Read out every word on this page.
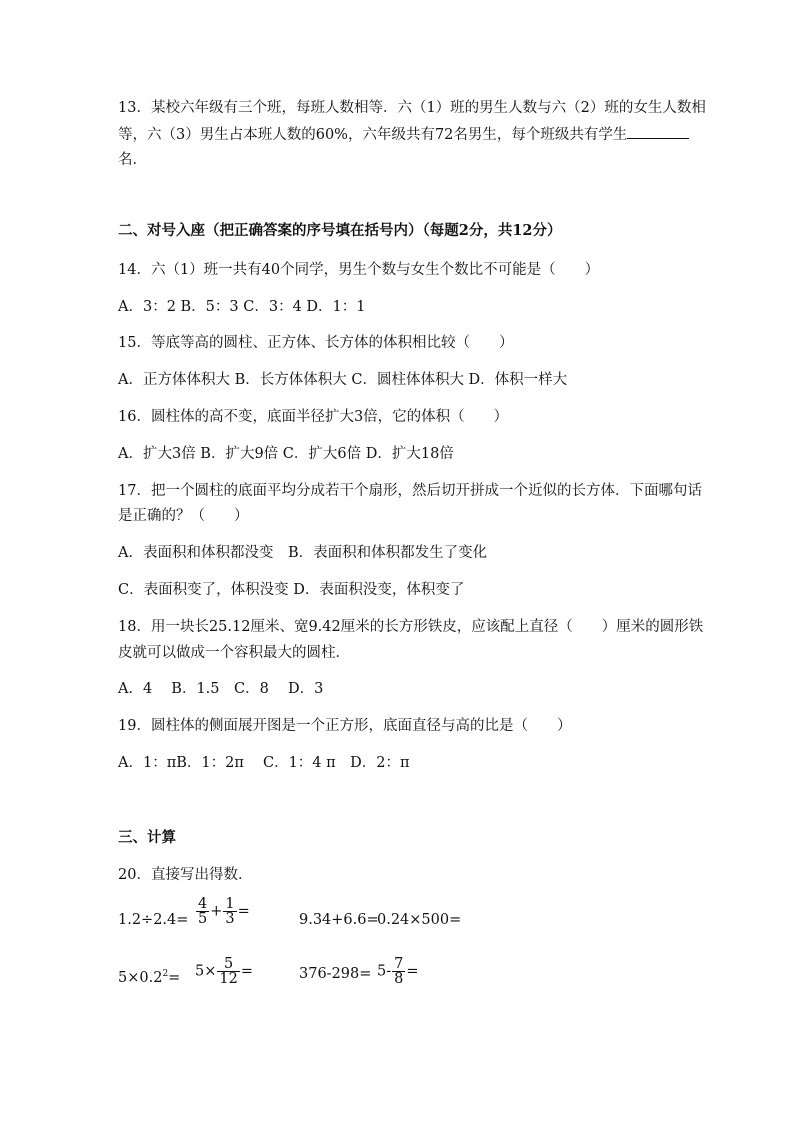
13．某校六年级有三个班，每班人数相等．六（1）班的男生人数与六（2）班的女生人数相
等，六（3）男生占本班人数的60%，六年级共有72名男生，每个班级共有学生
名．
二、对号入座（把正确答案的序号填在括号内）（每题2分，共12分）
14．六（1）班一共有40个同学，男生个数与女生个数比不可能是（　　）
A．3：2 B．5：3 C．3：4 D．1：1
15．等底等高的圆柱、正方体、长方体的体积相比较（　　）
A．正方体体积大 B．长方体体积大 C．圆柱体体积大 D．体积一样大
16．圆柱体的高不变，底面半径扩大3倍，它的体积（　　）
A．扩大3倍 B．扩大9倍 C．扩大6倍 D．扩大18倍
17．把一个圆柱的底面平均分成若干个扇形，然后切开拼成一个近似的长方体．下面哪句话
是正确的？（　　）
A．表面积和体积都没变　B．表面积和体积都发生了变化
C．表面积变了，体积没变 D．表面积没变，体积变了
18．用一块长25.12厘米、宽9.42厘米的长方形铁皮，应该配上直径（　　）厘米的圆形铁
皮就可以做成一个容积最大的圆柱．
A．4　 B．1.5　C．8　 D．3
19．圆柱体的侧面展开图是一个正方形，底面直径与高的比是（　　）
A．1：πB．1：2π　 C．1：4 π　D．2：π
三、计算
20．直接写出得数．
$1.2\div 2.4= \frac{4}{5} + \frac{1}{3}$ =
9.34+6.6=
0.24×500=
$5\times 0.2^2= 5\times \frac{5}{12}$ =	$376-298= 5- \frac{7}{8}$ =
